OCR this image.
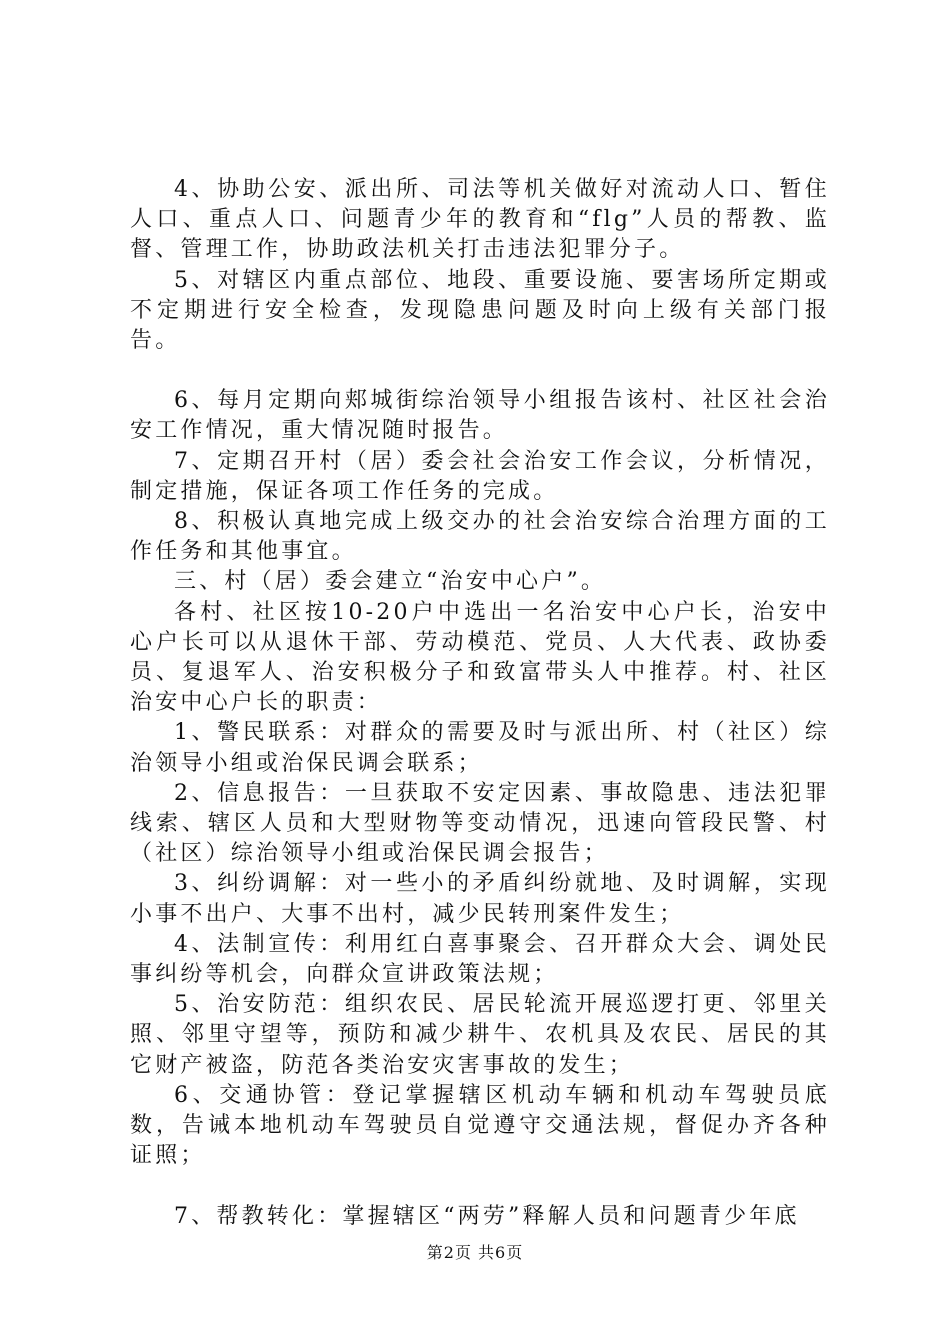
4、协助公安、派出所、司法等机关做好对流动人口、暂住人口、重点人口、问题青少年的教育和“flg”人员的帮教、监督、管理工作，协助政法机关打击违法犯罪分子。

5、对辖区内重点部位、地段、重要设施、要害场所定期或不定期进行安全检查，发现隐患问题及时向上级有关部门报告。

6、每月定期向郏城街综治领导小组报告该村、社区社会治安工作情况，重大情况随时报告。

7、定期召开村（居）委会社会治安工作会议，分析情况，制定措施，保证各项工作任务的完成。

8、积极认真地完成上级交办的社会治安综合治理方面的工作任务和其他事宜。

三、村（居）委会建立“治安中心户”。

各村、社区按10-20户中选出一名治安中心户长，治安中心户长可以从退休干部、劳动模范、党员、人大代表、政协委员、复退军人、治安积极分子和致富带头人中推荐。村、社区治安中心户长的职责：

1、警民联系：对群众的需要及时与派出所、村（社区）综治领导小组或治保民调会联系；

2、信息报告：一旦获取不安定因素、事故隐患、违法犯罪线索、辖区人员和大型财物等变动情况，迅速向管段民警、村（社区）综治领导小组或治保民调会报告；

3、纠纷调解：对一些小的矛盾纠纷就地、及时调解，实现小事不出户、大事不出村，减少民转刑案件发生；

4、法制宣传：利用红白喜事聚会、召开群众大会、调处民事纠纷等机会，向群众宣讲政策法规；

5、治安防范：组织农民、居民轮流开展巡逻打更、邻里关照、邻里守望等，预防和减少耕牛、农机具及农民、居民的其它财产被盗，防范各类治安灾害事故的发生；

6、交通协管：登记掌握辖区机动车辆和机动车驾驶员底数，告诫本地机动车驾驶员自觉遵守交通法规，督促办齐各种证照；

7、帮教转化：掌握辖区“两劳”释解人员和问题青少年底

第2页 共6页
